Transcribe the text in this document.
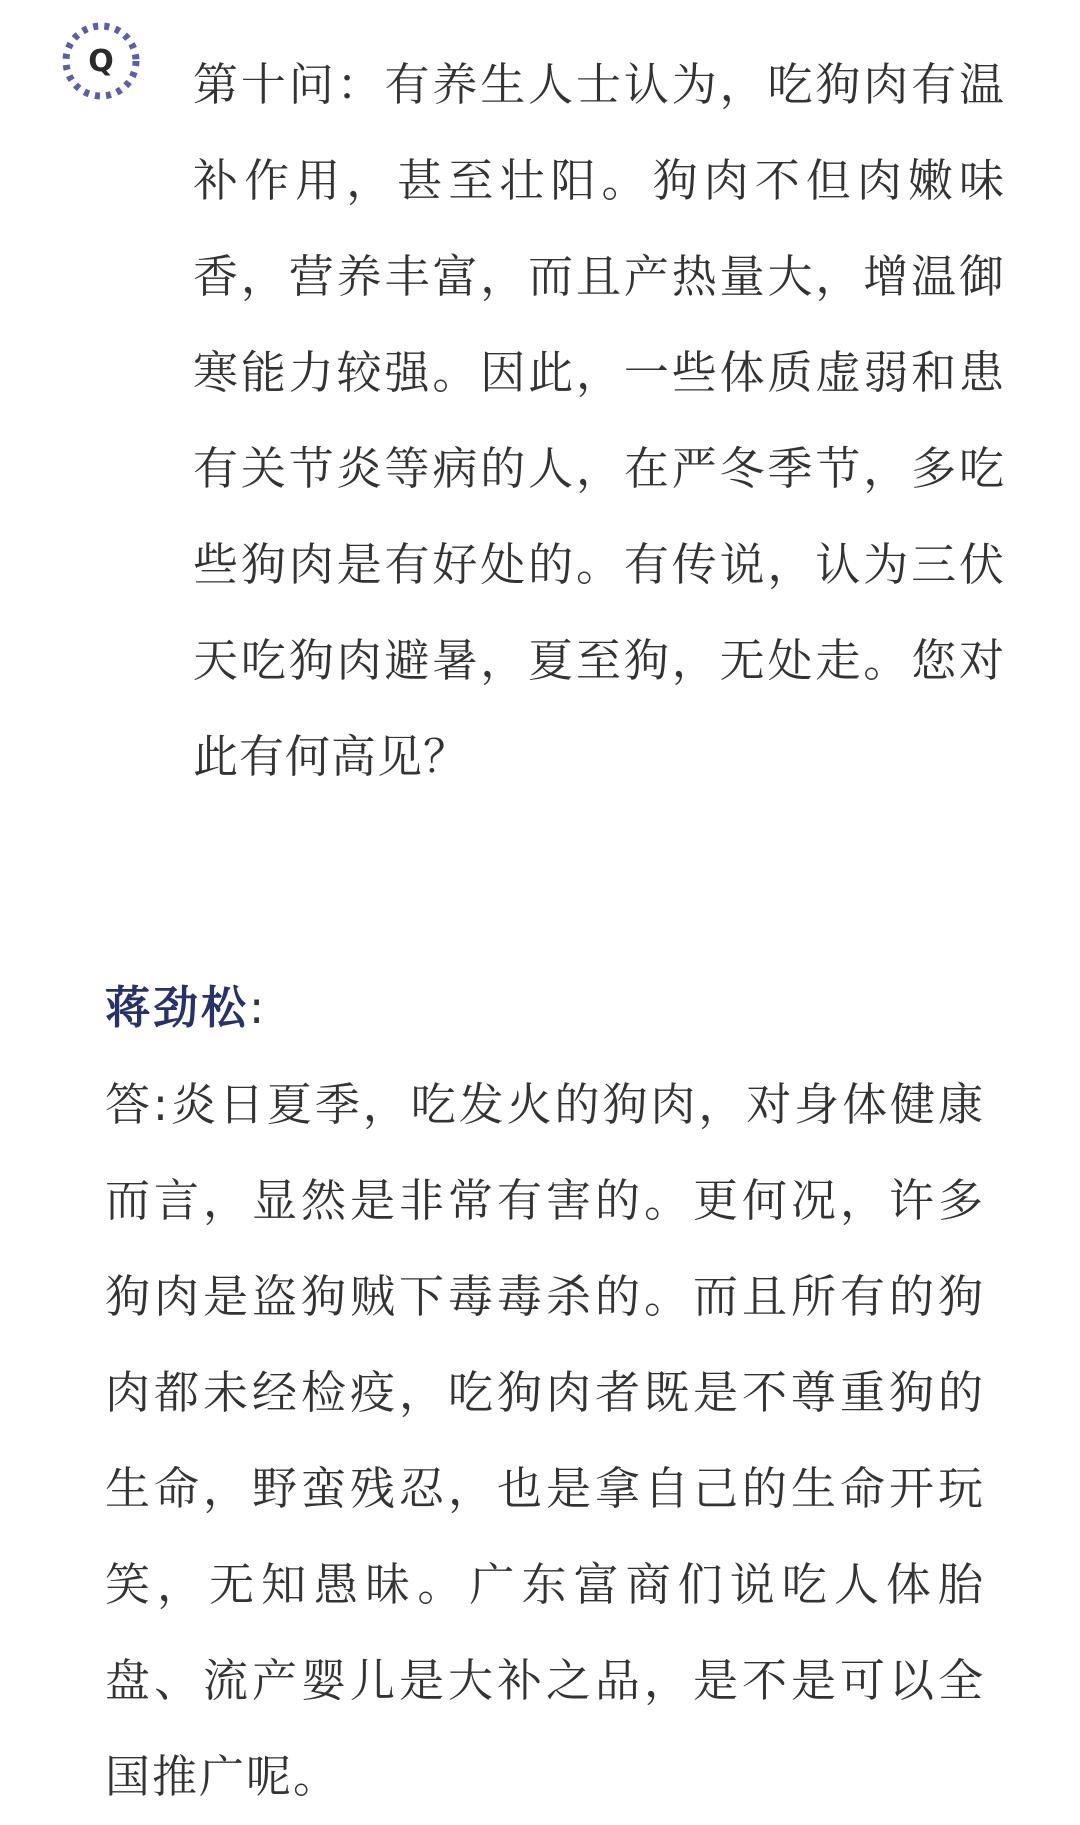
Q	第十问：有养生人士认为，吃狗肉有温补作用，甚至壮阳。狗肉不但肉嫩味香，营养丰富，而且产热量大，增温御寒能力较强。因此，一些体质虚弱和患有关节炎等病的人，在严冬季节，多吃些狗肉是有好处的。有传说，认为三伏天吃狗肉避暑，夏至狗，无处走。您对此有何高见？

蒋劲松:

答:炎日夏季，吃发火的狗肉，对身体健康而言，显然是非常有害的。更何况，许多狗肉是盗狗贼下毒毒杀的。而且所有的狗肉都未经检疫，吃狗肉者既是不尊重狗的生命，野蛮残忍，也是拿自己的生命开玩笑，无知愚昧。广东富商们说吃人体胎盘、流产婴儿是大补之品，是不是可以全国推广呢。
